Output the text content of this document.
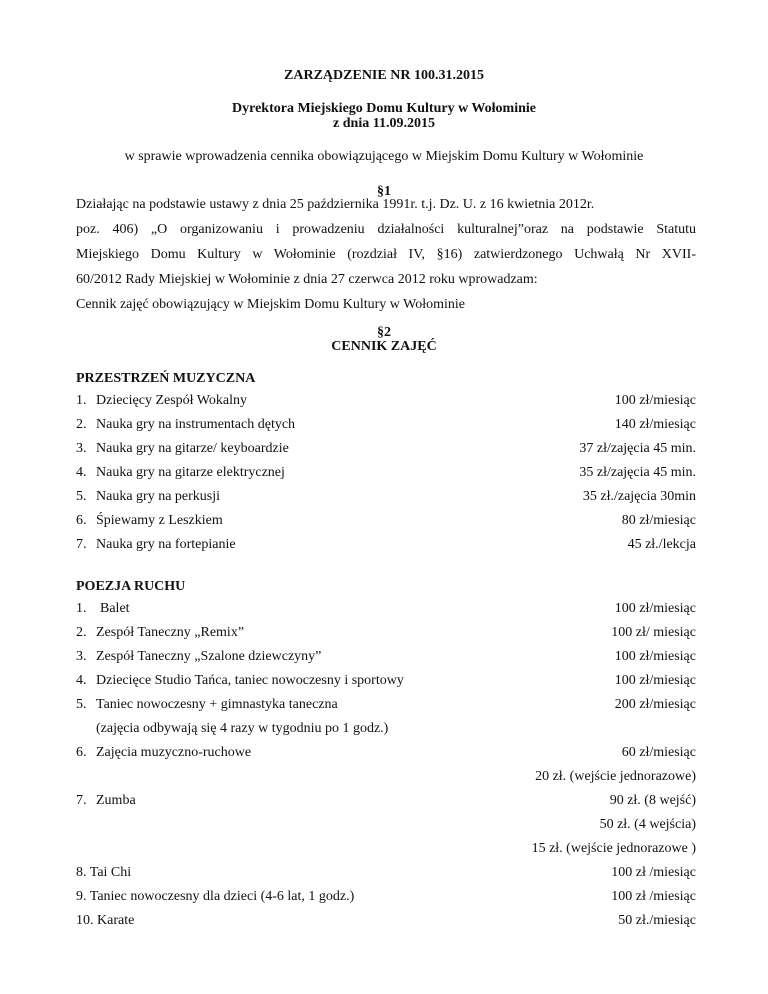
ZARZĄDZENIE NR 100.31.2015
Dyrektora Miejskiego Domu Kultury w Wołominie
z dnia 11.09.2015
w sprawie wprowadzenia cennika obowiązującego w Miejskim Domu Kultury w Wołominie
§1
Działając na podstawie ustawy z dnia 25 października 1991r. t.j. Dz. U. z 16 kwietnia 2012r.
poz. 406) „O organizowaniu i prowadzeniu działalności kulturalnej”oraz na podstawie Statutu
Miejskiego Domu Kultury w Wołominie (rozdział IV, §16) zatwierdzonego Uchwałą Nr XVII-
60/2012 Rady Miejskiej w Wołominie z dnia 27 czerwca 2012 roku wprowadzam:
Cennik zajęć obowiązujący w Miejskim Domu Kultury w Wołominie
§2
CENNIK ZAJĘĆ
PRZESTRZEŃ MUZYCZNA
1. Dziecięcy Zespół Wokalny	100 zł/miesiąc
2. Nauka gry na instrumentach dętych	140 zł/miesiąc
3. Nauka gry na gitarze/ keyboardzie	37 zł/zajęcia 45 min.
4. Nauka gry na gitarze elektrycznej	35 zł/zajęcia 45 min.
5. Nauka gry na perkusji	35 zł./zajęcia 30min
6. Śpiewamy z Leszkiem	80 zł/miesiąc
7. Nauka gry na fortepianie	45 zł./lekcja
POEZJA RUCHU
1. Balet	100 zł/miesiąc
2. Zespół Taneczny „Remix”	100 zł/ miesiąc
3. Zespół Taneczny „Szalone dziewczyny”	100 zł/miesiąc
4. Dziecięce Studio Tańca, taniec nowoczesny i sportowy	100 zł/miesiąc
5. Taniec nowoczesny + gimnastyka taneczna	200 zł/miesiąc
(zajęcia odbywają się 4 razy w tygodniu po 1 godz.)
6. Zajęcia muzyczno-ruchowe	60 zł/miesiąc
20 zł. (wejście jednorazowe)
7. Zumba	90 zł. (8 wejść)
50 zł. (4 wejścia)
15 zł. (wejście jednorazowe )
8. Tai Chi	100 zł /miesiąc
9. Taniec nowoczesny dla dzieci (4-6 lat, 1 godz.)	100 zł /miesiąc
10. Karate	50 zł./miesiąc
